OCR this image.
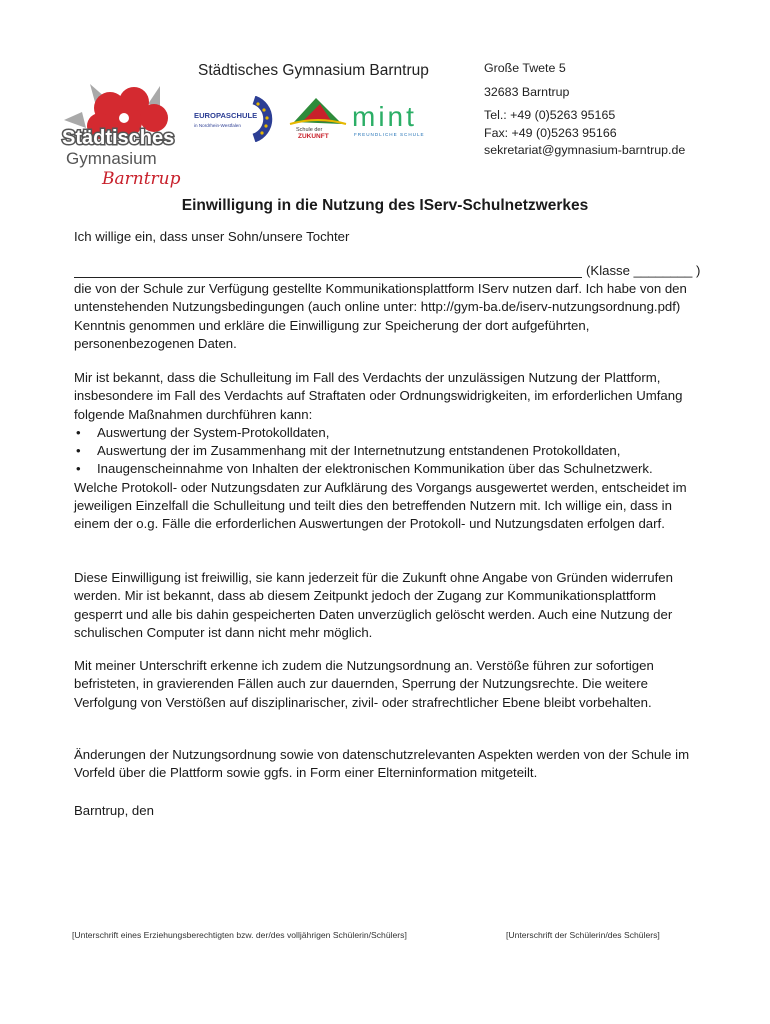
Städtisches
Gymnasium
Barntrup
Städtisches Gymnasium Barntrup	Große Twete 5
32683 Barntrup
Tel.: +49 (0)5263 95165
Fax: +49 (0)5263 95166
sekretariat@gymnasium-barntrup.de
EUROPASCHULE
in Nordrhein-Westfalen
Schule der
ZUKUNFT
mint
FREUNDLICHE SCHULE
Einwilligung in die Nutzung des IServ-Schulnetzwerkes
Ich willige ein, dass unser Sohn/unsere Tochter
(Klasse ________ )
die von der Schule zur Verfügung gestellte Kommunikationsplattform IServ nutzen darf. Ich habe von den untenstehenden Nutzungsbedingungen (auch online unter: http://gym-ba.de/iserv-nutzungsordnung.pdf) Kenntnis genommen und erkläre die Einwilligung zur Speicherung der dort aufgeführten, personenbezogenen Daten.
Mir ist bekannt, dass die Schulleitung im Fall des Verdachts der unzulässigen Nutzung der Plattform, insbesondere im Fall des Verdachts auf Straftaten oder Ordnungswidrigkeiten, im erforderlichen Umfang folgende Maßnahmen durchführen kann:
• Auswertung der System-Protokolldaten,
• Auswertung der im Zusammenhang mit der Internetnutzung entstandenen Protokolldaten,
• Inaugenscheinnahme von Inhalten der elektronischen Kommunikation über das Schulnetzwerk.
Welche Protokoll- oder Nutzungsdaten zur Aufklärung des Vorgangs ausgewertet werden, entscheidet im jeweiligen Einzelfall die Schulleitung und teilt dies den betreffenden Nutzern mit. Ich willige ein, dass in einem der o.g. Fälle die erforderlichen Auswertungen der Protokoll- und Nutzungsdaten erfolgen darf.
Diese Einwilligung ist freiwillig, sie kann jederzeit für die Zukunft ohne Angabe von Gründen widerrufen werden. Mir ist bekannt, dass ab diesem Zeitpunkt jedoch der Zugang zur Kommunikationsplattform gesperrt und alle bis dahin gespeicherten Daten unverzüglich gelöscht werden. Auch eine Nutzung der schulischen Computer ist dann nicht mehr möglich.
Mit meiner Unterschrift erkenne ich zudem die Nutzungsordnung an. Verstöße führen zur sofortigen befristeten, in gravierenden Fällen auch zur dauernden, Sperrung der Nutzungsrechte. Die weitere Verfolgung von Verstößen auf disziplinarischer, zivil- oder strafrechtlicher Ebene bleibt vorbehalten.
Änderungen der Nutzungsordnung sowie von datenschutzrelevanten Aspekten werden von der Schule im Vorfeld über die Plattform sowie ggfs. in Form einer Elterninformation mitgeteilt.
Barntrup, den
[Unterschrift eines Erziehungsberechtigten bzw. der/des volljährigen Schülerin/Schülers]	[Unterschrift der Schülerin/des Schülers]
